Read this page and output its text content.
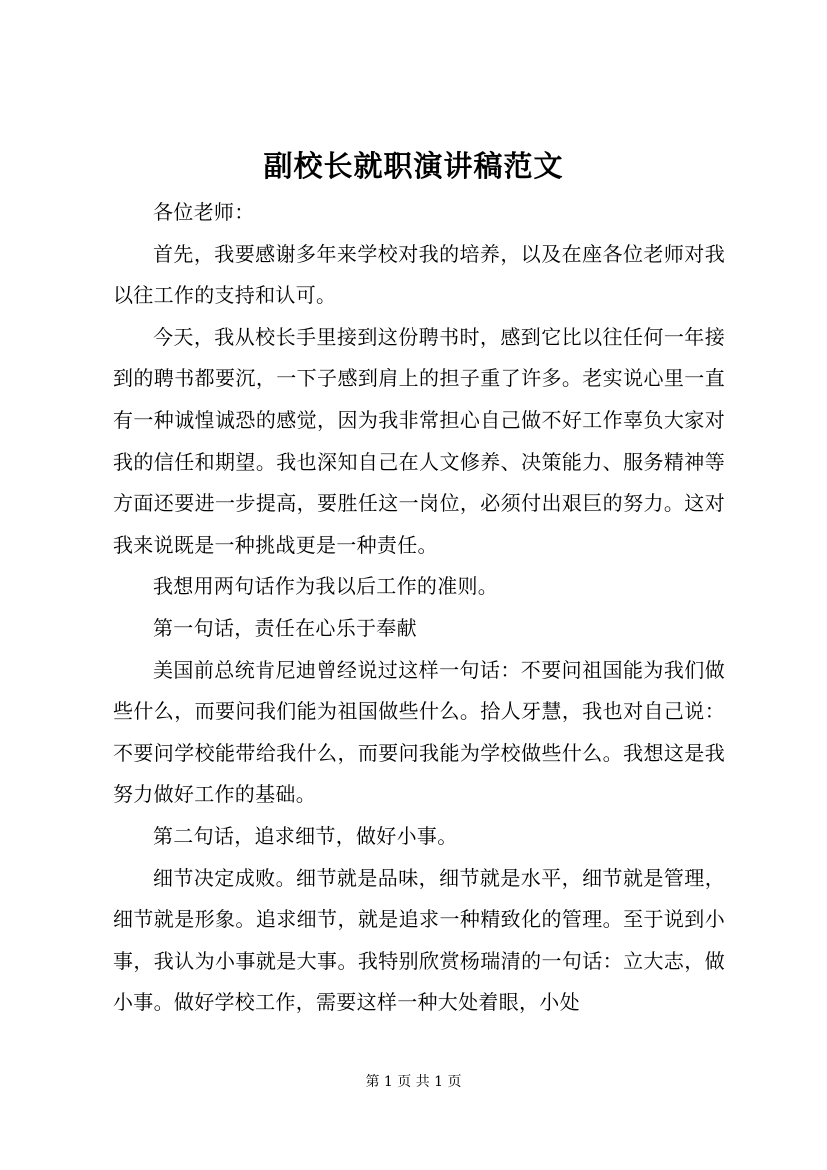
副校长就职演讲稿范文

各位老师：

首先，我要感谢多年来学校对我的培养，以及在座各位老师对我以往工作的支持和认可。

今天，我从校长手里接到这份聘书时，感到它比以往任何一年接到的聘书都要沉，一下子感到肩上的担子重了许多。老实说心里一直有一种诚惶诚恐的感觉，因为我非常担心自己做不好工作辜负大家对我的信任和期望。我也深知自己在人文修养、决策能力、服务精神等方面还要进一步提高，要胜任这一岗位，必须付出艰巨的努力。这对我来说既是一种挑战更是一种责任。

我想用两句话作为我以后工作的准则。

第一句话，责任在心乐于奉献

美国前总统肯尼迪曾经说过这样一句话：不要问祖国能为我们做些什么，而要问我们能为祖国做些什么。拾人牙慧，我也对自己说：不要问学校能带给我什么，而要问我能为学校做些什么。我想这是我努力做好工作的基础。

第二句话，追求细节，做好小事。

细节决定成败。细节就是品味，细节就是水平，细节就是管理，细节就是形象。追求细节，就是追求一种精致化的管理。至于说到小事，我认为小事就是大事。我特别欣赏杨瑞清的一句话：立大志，做小事。做好学校工作，需要这样一种大处着眼，小处

第 1 页 共 1 页
